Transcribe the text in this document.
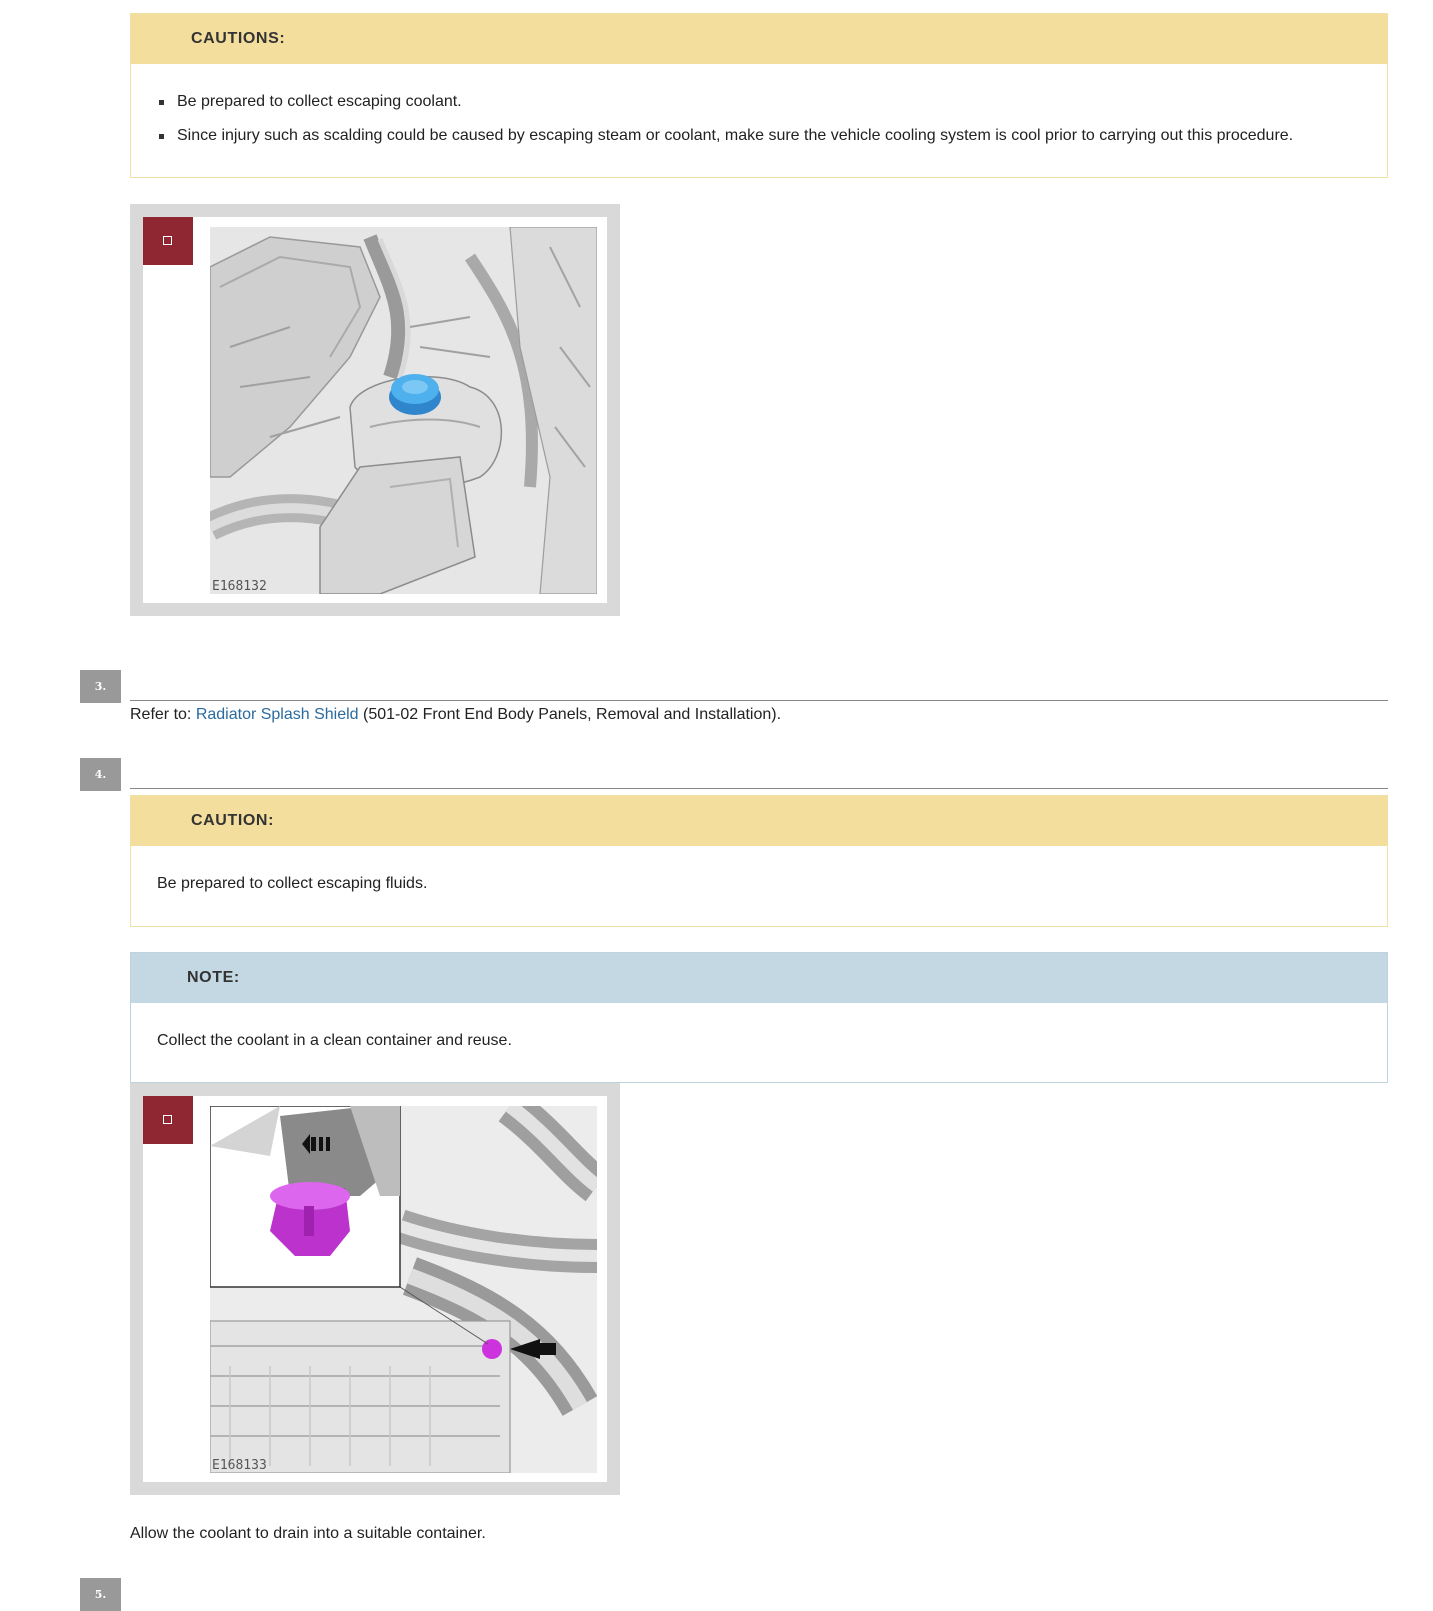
CAUTIONS:
Be prepared to collect escaping coolant.
Since injury such as scalding could be caused by escaping steam or coolant, make sure the vehicle cooling system is cool prior to carrying out this procedure.
E168132
3.
Refer to: Radiator Splash Shield (501-02 Front End Body Panels, Removal and Installation).
4.
CAUTION:
Be prepared to collect escaping fluids.
NOTE:
Collect the coolant in a clean container and reuse.
E168133
Allow the coolant to drain into a suitable container.
5.
